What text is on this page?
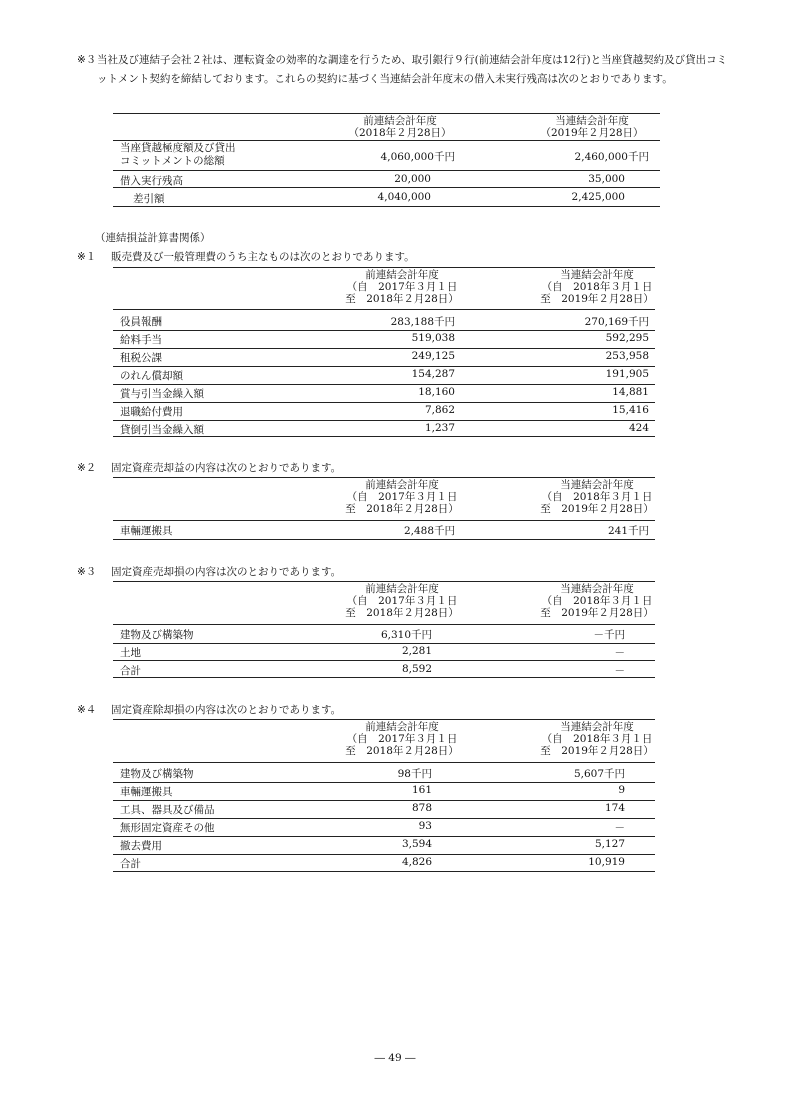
※３ 当社及び連結子会社２社は、運転資金の効率的な調達を行うため、取引銀行９行(前連結会計年度は12行)と当座貸越契約及び貸出コミットメント契約を締結しております。これらの契約に基づく当連結会計年度末の借入未実行残高は次のとおりであります。
前連結会計年度
（2018年２月28日）
当連結会計年度
（2019年２月28日）
当座貸越極度額及び貸出
コミットメントの総額	4,060,000千円	2,460,000千円
借入実行残高	20,000	35,000
差引額	4,040,000	2,425,000
（連結損益計算書関係）
※１ 販売費及び一般管理費のうち主なものは次のとおりであります。
前連結会計年度
（自　2017年３月１日
至　2018年２月28日）
当連結会計年度
（自　2018年３月１日
至　2019年２月28日）
役員報酬	283,188千円	270,169千円
給料手当	519,038	592,295
租税公課	249,125	253,958
のれん償却額	154,287	191,905
賞与引当金繰入額	18,160	14,881
退職給付費用	7,862	15,416
貸倒引当金繰入額	1,237	424
※２ 固定資産売却益の内容は次のとおりであります。
前連結会計年度
（自　2017年３月１日
至　2018年２月28日）
当連結会計年度
（自　2018年３月１日
至　2019年２月28日）
車輛運搬具	2,488千円	241千円
※３ 固定資産売却損の内容は次のとおりであります。
前連結会計年度
（自　2017年３月１日
至　2018年２月28日）
当連結会計年度
（自　2018年３月１日
至　2019年２月28日）
建物及び構築物	6,310千円	－千円
土地	2,281	－
合計	8,592	－
※４ 固定資産除却損の内容は次のとおりであります。
前連結会計年度
（自　2017年３月１日
至　2018年２月28日）
当連結会計年度
（自　2018年３月１日
至　2019年２月28日）
建物及び構築物	98千円	5,607千円
車輛運搬具	161	9
工具、器具及び備品	878	174
無形固定資産その他	93	－
撤去費用	3,594	5,127
合計	4,826	10,919
― 49 ―
